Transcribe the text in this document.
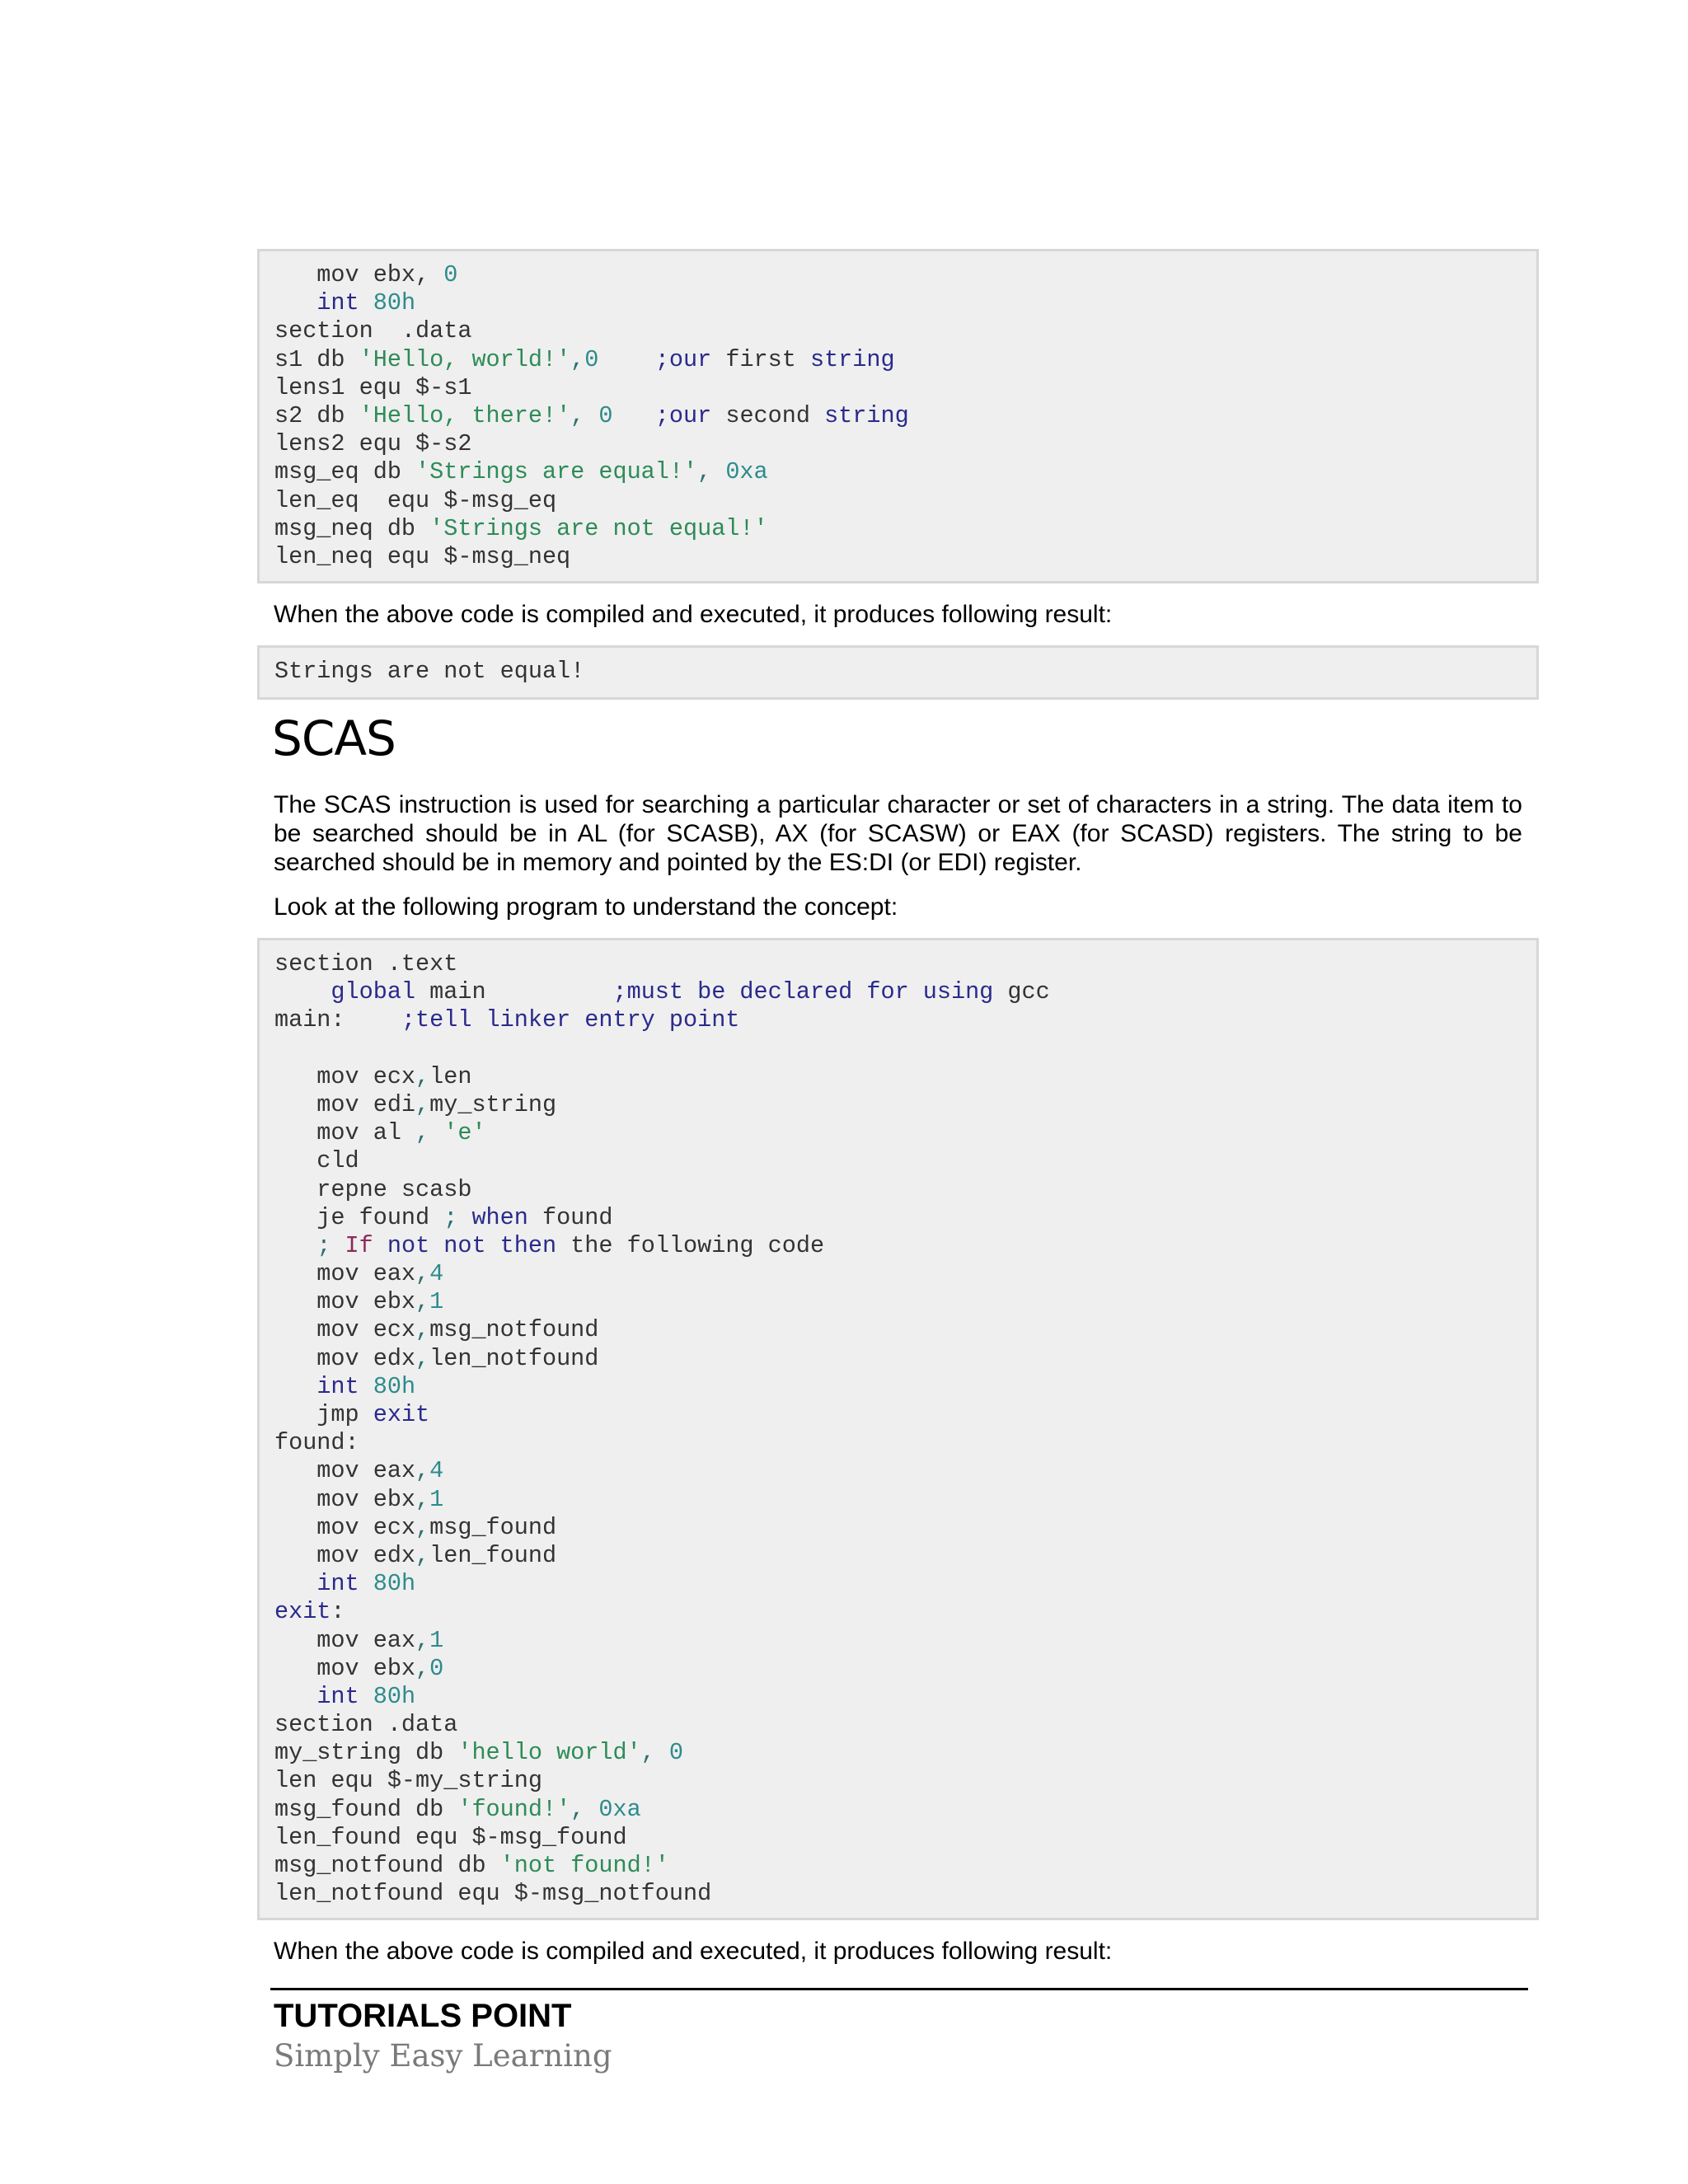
mov ebx, 0
int 80h
section  .data
s1 db 'Hello, world!',0 ;our first string
lens1 equ $-s1
s2 db 'Hello, there!', 0 ;our second string
lens2 equ $-s2
msg_eq db 'Strings are equal!', 0xa
len_eq  equ $-msg_eq
msg_neq db 'Strings are not equal!'
len_neq equ $-msg_neq
When the above code is compiled and executed, it produces following result:
Strings are not equal!
SCAS
The SCAS instruction is used for searching a particular character or set of characters in a string. The data item to be searched should be in AL (for SCASB), AX (for SCASW) or EAX (for SCASD) registers. The string to be searched should be in memory and pointed by the ES:DI (or EDI) register.
Look at the following program to understand the concept:
section .text
global main         ;must be declared for using gcc
main:    ;tell linker entry point
mov ecx,len
mov edi,my_string
mov al , 'e'
cld
repne scasb
je found ; when found
; If not not then the following code
mov eax,4
mov ebx,1
mov ecx,msg_notfound
mov edx,len_notfound
int 80h
jmp exit
found:
mov eax,4
mov ebx,1
mov ecx,msg_found
mov edx,len_found
int 80h
exit:
mov eax,1
mov ebx,0
int 80h
section .data
my_string db 'hello world', 0
len equ $-my_string
msg_found db 'found!', 0xa
len_found equ $-msg_found
msg_notfound db 'not found!'
len_notfound equ $-msg_notfound
When the above code is compiled and executed, it produces following result:
TUTORIALS POINT
Simply Easy Learning
